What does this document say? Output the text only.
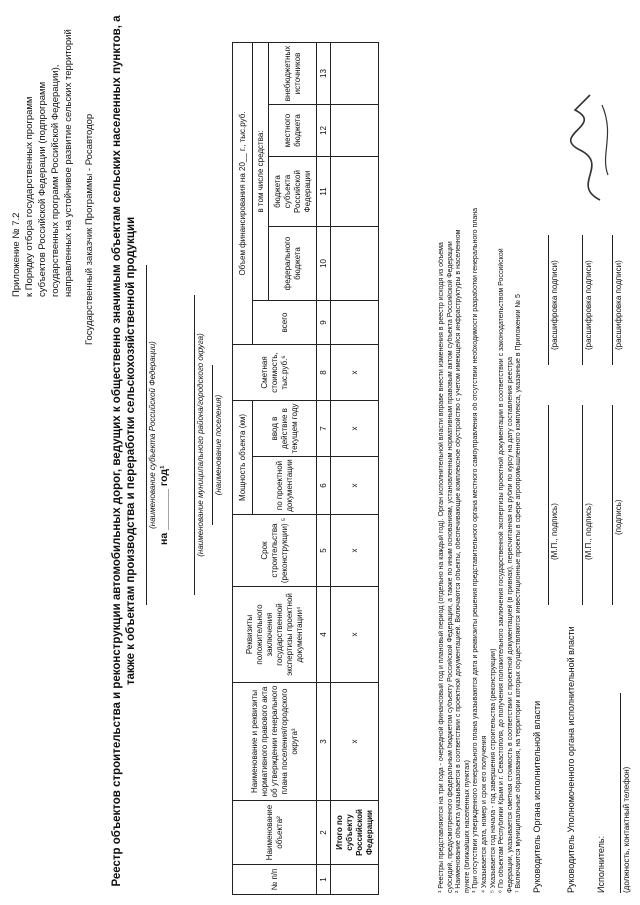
Приложение № 7.2 к Порядку отбора государственных программ субъектов Российской Федерации (подпрограмм государственных программ Российской Федерации), направленных на устойчивое развитие сельских территорий Государственный заказчик Программы - Росавтодор Реестр объектов строительства и реконструкции автомобильных дорог, ведущих к общественно значимым объектам сельских населенных пунктов, а также к объектам производства и переработки сельскохозяйственной продукции (наименование субъекта Российской Федерации) на _______ год¹	(наименование муниципального района/городского округа) (наименование поселения)
№ п/п	Наименование объекта²	Наименование и реквизиты нормативного правового акта об утверждении генерального плана поселения/городского округа³	Реквизиты положительного заключения государственной экспертизы проектной документации⁴	Срок строительства (реконструкции) ⁵	Мощность объекта (км)		Сметная стоимость, тыс.руб.⁶	Объем финансирования на 20__ г., тыс.руб.				
					по проектной документации	ввод в действие в текущем году		всего	в том числе средства:			
									федерального бюджета	бюджета субъекта Российской Федерации	местного бюджета	внебюджетных источников
1	2	3	4	5	6	7	8	9	10	11	12	13
	Итого по субъекту Российской Федерации	x	x	x	x	x	x						¹ Реестры представляются на три года - очередной финансовый год и плановый период (отдельно на каждый год). Орган исполнительной власти вправе внести изменения в реестр исходя из объема субсидий, предусмотренного федеральным бюджетом субъекту Российской Федерации, а также по иным основаниям, установленным нормативным правовым актом субъекта Российской Федерации ² Наименование объекта указывается в соответствии с проектной документацией. Включаются объекты, обеспечивающие комплексное обустройство с учетом имеющейся инфраструктуры в населенном пункте (ближайших населенных пунктах) ³ При отсутствии утвержденного генерального плана указываются дата и реквизиты решения представительного органа местного самоуправления об отсутствии необходимости разработки генерального плана ⁴ Указывается дата, номер и срок его получения ⁵ Указывается год начала - год завершения строительства (реконструкции) ⁶ По объектам Республики Крым и г. Севастополя, до получения положительного заключения государственной экспертизы проектной документации в соответствии с законодательством Российской Федерации, указывается сметная стоимость в соответствии с проектной документацией (в гривнах), пересчитанная на рубли по курсу на дату составления реестра ⁷ Включаются муниципальные образования, на территории которых осуществляются инвестиционные проекты в сфере агропромышленного комплекса, указанные в Приложении № 5 Руководитель Органа исполнительной власти
(М.П., подпись)
(расшифровка подписи)
Руководитель Уполномоченного органа исполнительной власти
(М.П., подпись)
(расшифровка подписи)
Исполнитель: (должность, контактный телефон)
(подпись)
(расшифровка подписи)
